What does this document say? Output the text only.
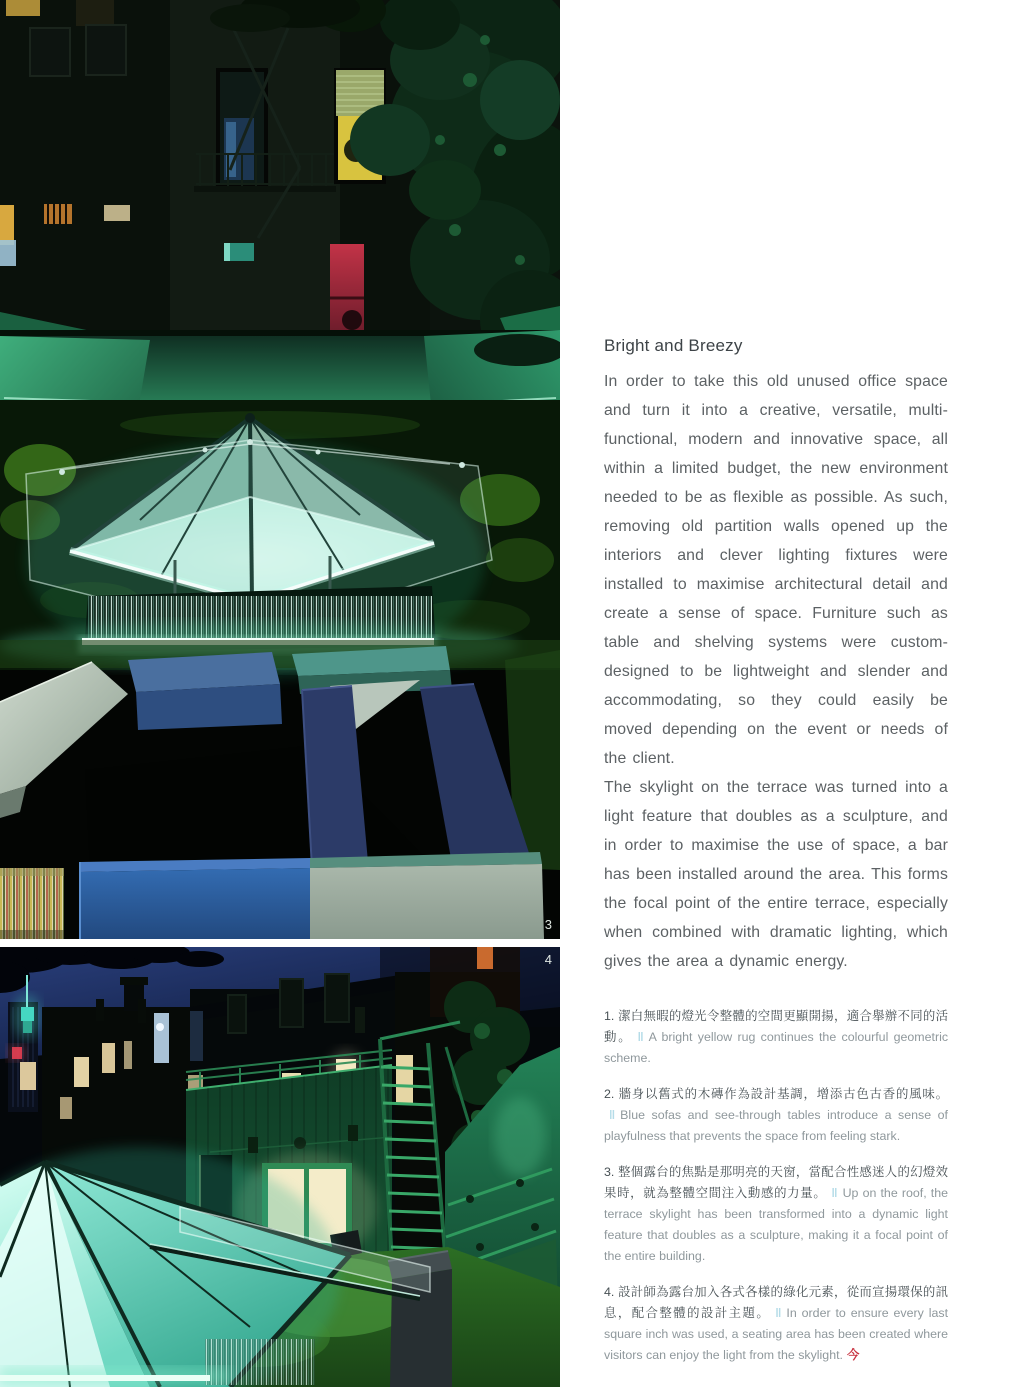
3
4
Bright and Breezy

In order to take this old unused office space and turn it into a creative, versatile, multi-functional, modern and innovative space, all within a limited budget, the new environment needed to be as flexible as possible. As such, removing old partition walls opened up the interiors and clever lighting fixtures were installed to maximise architectural detail and create a sense of space. Furniture such as table and shelving systems were custom-designed to be lightweight and slender and accommodating, so they could easily be moved depending on the event or needs of the client.

The skylight on the terrace was turned into a light feature that doubles as a sculpture, and in order to maximise the use of space, a bar has been installed around the area. This forms the focal point of the entire terrace, especially when combined with dramatic lighting, which gives the area a dynamic energy.

1. 潔白無暇的燈光令整體的空間更顯開揚，適合舉辦不同的活動。 ‖ A bright yellow rug continues the colourful geometric scheme.

2. 牆身以舊式的木磚作為設計基調，增添古色古香的風味。‖ Blue sofas and see-through tables introduce a sense of playfulness that prevents the space from feeling stark.

3. 整個露台的焦點是那明亮的天窗，當配合性感迷人的幻燈效果時，就為整體空間注入動感的力量。 ‖ Up on the roof, the terrace skylight has been transformed into a dynamic light feature that doubles as a sculpture, making it a focal point of the entire building.

4. 設計師為露台加入各式各樣的綠化元素，從而宣揚環保的訊息，配合整體的設計主題。 ‖ In order to ensure every last square inch was used, a seating area has been created where visitors can enjoy the light from the skylight. 今
